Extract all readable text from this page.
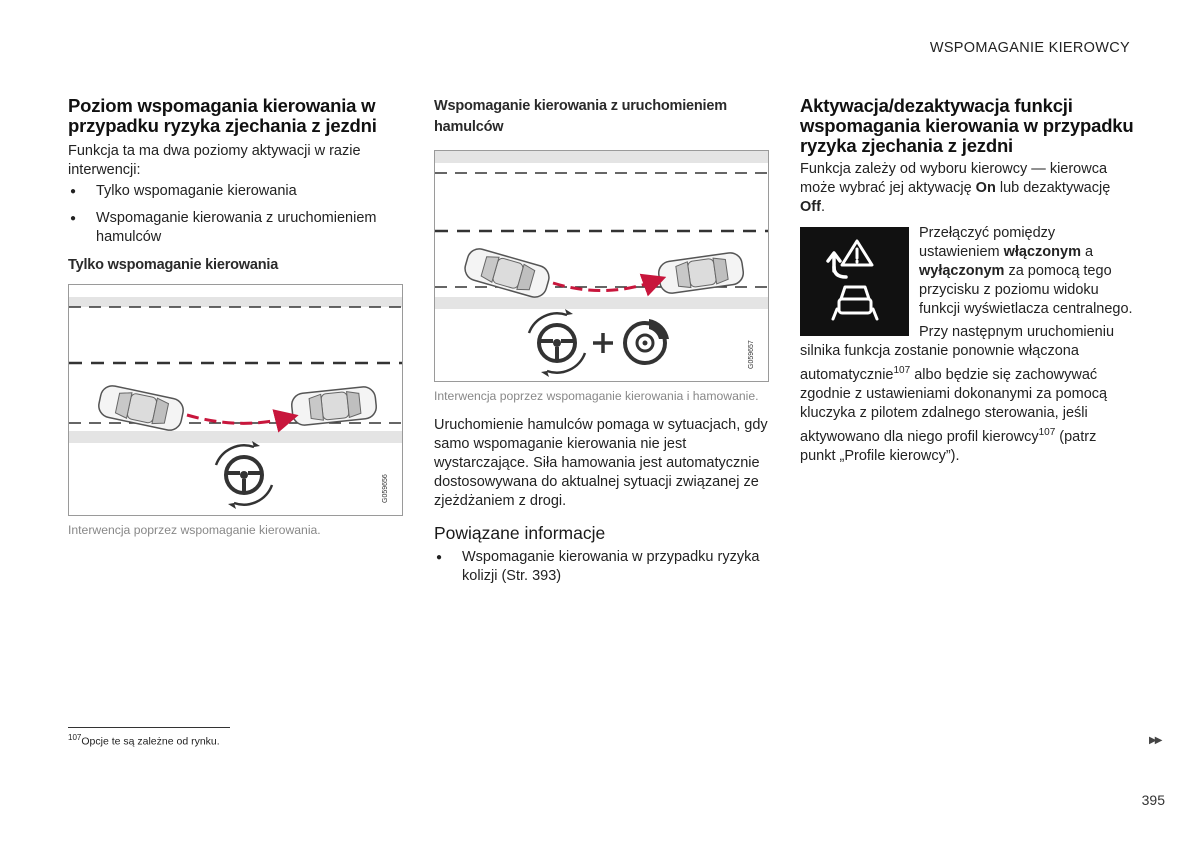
WSPOMAGANIE KIEROWCY
Poziom wspomagania kierowania w przypadku ryzyka zjechania z jezdni

Funkcja ta ma dwa poziomy aktywacji w razie interwencji:

● Tylko wspomaganie kierowania
● Wspomaganie kierowania z uruchomieniem hamulców
Tylko wspomaganie kierowania
G059656
Interwencja poprzez wspomaganie kierowania.
Wspomaganie kierowania z uruchomieniem hamulców
G059657
Interwencja poprzez wspomaganie kierowania i hamowanie.

Uruchomienie hamulców pomaga w sytuacjach, gdy samo wspomaganie kierowania nie jest wystarczające. Siła hamowania jest automatycznie dostosowywana do aktualnej sytuacji związanej ze zjeżdżaniem z drogi.

Powiązane informacje
● Wspomaganie kierowania w przypadku ryzyka kolizji (Str. 393)
Aktywacja/dezaktywacja funkcji wspomagania kierowania w przypadku ryzyka zjechania z jezdni

Funkcja zależy od wyboru kierowcy — kierowca może wybrać jej aktywację On lub dezaktywację Off.

Przełączyć pomiędzy ustawieniem włączonym a wyłączonym za pomocą tego przycisku z poziomu widoku funkcji wyświetlacza centralnego.

Przy następnym uruchomieniu silnika funkcja zostanie ponownie włączona automatycznie$^{107}$ albo będzie się zachowywać zgodnie z ustawieniami dokonanymi za pomocą kluczyka z pilotem zdalnego sterowania, jeśli aktywowano dla niego profil kierowcy$^{107}$ (patrz punkt „Profile kierowcy”).

$^{107}$Opcje te są zależne od rynku.	▶▶
395
